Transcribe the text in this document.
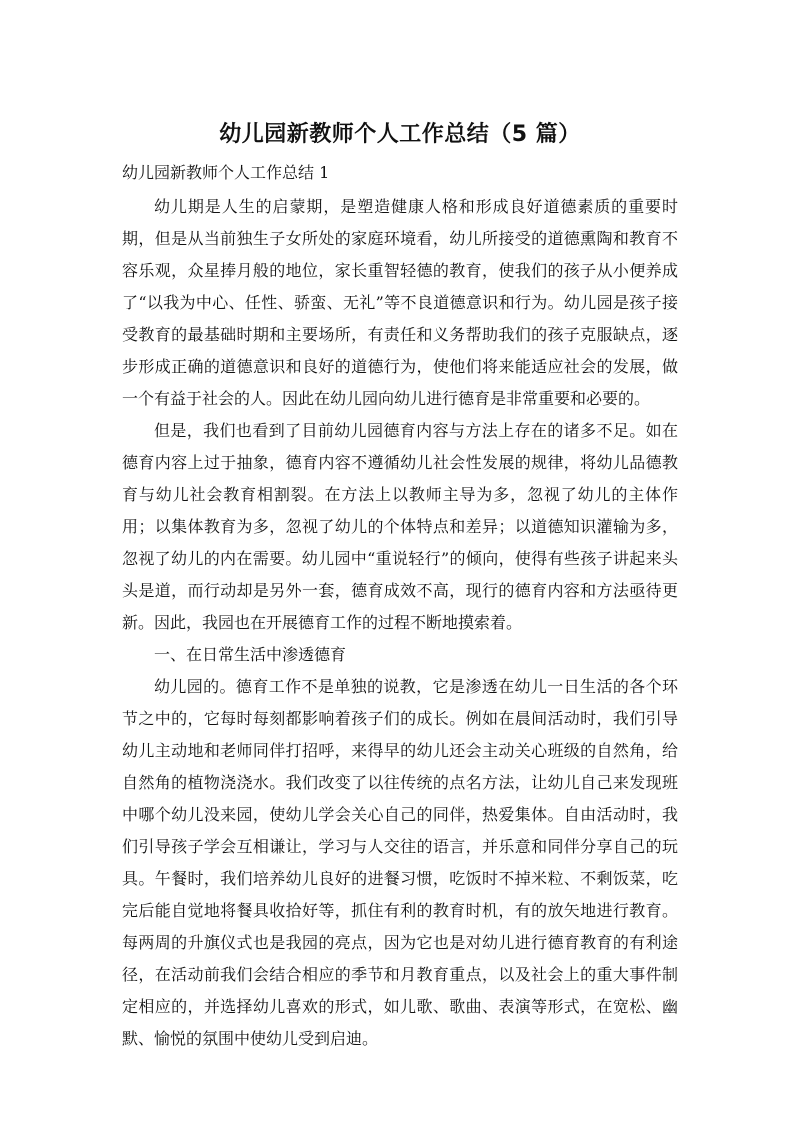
幼儿园新教师个人工作总结（5 篇）
幼儿园新教师个人工作总结 1

幼儿期是人生的启蒙期，是塑造健康人格和形成良好道德素质的重要时期，但是从当前独生子女所处的家庭环境看，幼儿所接受的道德熏陶和教育不容乐观，众星捧月般的地位，家长重智轻德的教育，使我们的孩子从小便养成了“以我为中心、任性、骄蛮、无礼”等不良道德意识和行为。幼儿园是孩子接受教育的最基础时期和主要场所，有责任和义务帮助我们的孩子克服缺点，逐步形成正确的道德意识和良好的道德行为，使他们将来能适应社会的发展，做一个有益于社会的人。因此在幼儿园向幼儿进行德育是非常重要和必要的。

但是，我们也看到了目前幼儿园德育内容与方法上存在的诸多不足。如在德育内容上过于抽象，德育内容不遵循幼儿社会性发展的规律，将幼儿品德教育与幼儿社会教育相割裂。在方法上以教师主导为多，忽视了幼儿的主体作用；以集体教育为多，忽视了幼儿的个体特点和差异；以道德知识灌输为多，忽视了幼儿的内在需要。幼儿园中“重说轻行”的倾向，使得有些孩子讲起来头头是道，而行动却是另外一套，德育成效不高，现行的德育内容和方法亟待更新。因此，我园也在开展德育工作的过程不断地摸索着。

一、在日常生活中渗透德育

幼儿园的。德育工作不是单独的说教，它是渗透在幼儿一日生活的各个环节之中的，它每时每刻都影响着孩子们的成长。例如在晨间活动时，我们引导幼儿主动地和老师同伴打招呼，来得早的幼儿还会主动关心班级的自然角，给自然角的植物浇浇水。我们改变了以往传统的点名方法，让幼儿自己来发现班中哪个幼儿没来园，使幼儿学会关心自己的同伴，热爱集体。自由活动时，我们引导孩子学会互相谦让，学习与人交往的语言，并乐意和同伴分享自己的玩具。午餐时，我们培养幼儿良好的进餐习惯，吃饭时不掉米粒、不剩饭菜，吃完后能自觉地将餐具收拾好等，抓住有利的教育时机，有的放矢地进行教育。每两周的升旗仪式也是我园的亮点，因为它也是对幼儿进行德育教育的有利途径，在活动前我们会结合相应的季节和月教育重点，以及社会上的重大事件制定相应的，并选择幼儿喜欢的形式，如儿歌、歌曲、表演等形式，在宽松、幽默、愉悦的氛围中使幼儿受到启迪。
